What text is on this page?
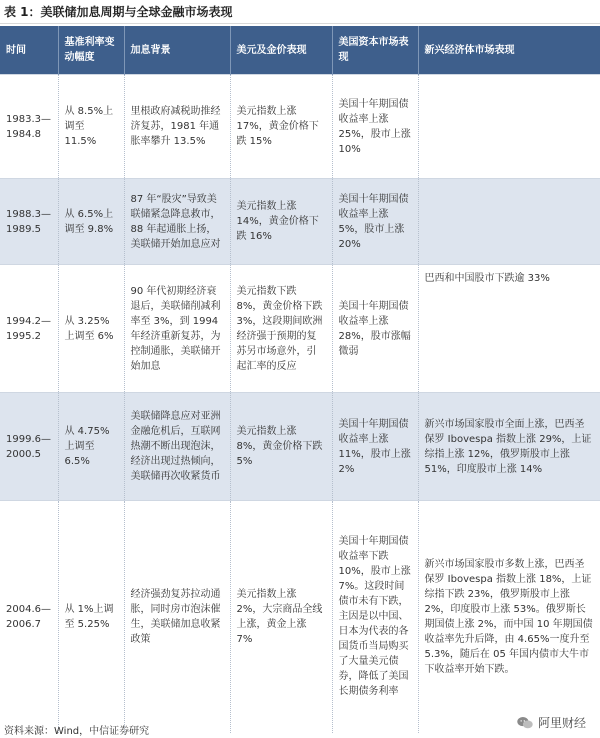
表 1：美联储加息周期与全球金融市场表现
时间	基准利率变动幅度	加息背景	美元及金价表现	美国资本市场表现	新兴经济体市场表现
1983.3—1984.8	从 8.5%上调至 11.5%	里根政府减税助推经济复苏，1981 年通胀率攀升 13.5%	美元指数上涨 17%，黄金价格下跌 15%	美国十年期国债收益率上涨 25%，股市上涨 10%	
1988.3—1989.5	从 6.5%上调至 9.8%	87 年“股灾”导致美联储紧急降息救市，88 年起通胀上扬，美联储开始加息应对	美元指数上涨 14%，黄金价格下跌 16%	美国十年期国债收益率上涨 5%，股市上涨 20%	
1994.2—1995.2	从 3.25%上调至 6%	90 年代初期经济衰退后，美联储削减利率至 3%，到 1994 年经济重新复苏，为控制通胀，美联储开始加息	美元指数下跌 8%，黄金价格下跌 3%，这段期间欧洲经济强于预期的复苏另市场意外，引起汇率的反应	美国十年期国债收益率上涨 28%，股市涨幅微弱	巴西和中国股市下跌逾 33%
1999.6—2000.5	从 4.75%上调至 6.5%	美联储降息应对亚洲金融危机后，互联网热潮不断出现泡沫，经济出现过热倾向，美联储再次收紧货币	美元指数上涨 8%，黄金价格下跌 5%	美国十年期国债收益率上涨 11%，股市上涨 2%	新兴市场国家股市全面上涨，巴西圣保罗 Ibovespa 指数上涨 29%，上证综指上涨 12%，俄罗斯股市上涨 51%，印度股市上涨 14%
2004.6—2006.7	从 1%上调至 5.25%	经济强劲复苏拉动通胀，同时房市泡沫催生，美联储加息收紧政策	美元指数上涨 2%，大宗商品全线上涨，黄金上涨 7%	美国十年期国债收益率下跌 10%，股市上涨 7%。这段时间债市未有下跌，主因是以中国、日本为代表的各国货币当局购买了大量美元债券，降低了美国长期债务利率	新兴市场国家股市多数上涨，巴西圣保罗 Ibovespa 指数上涨 18%，上证综指下跌 23%，俄罗斯股市上涨 2%，印度股市上涨 53%。俄罗斯长期国债上涨 2%，而中国 10 年期国债收益率先升后降，由 4.65%一度升至 5.3%，随后在 05 年国内债市大牛市下收益率开始下跌。
资料来源：Wind，中信证券研究
阿里财经
